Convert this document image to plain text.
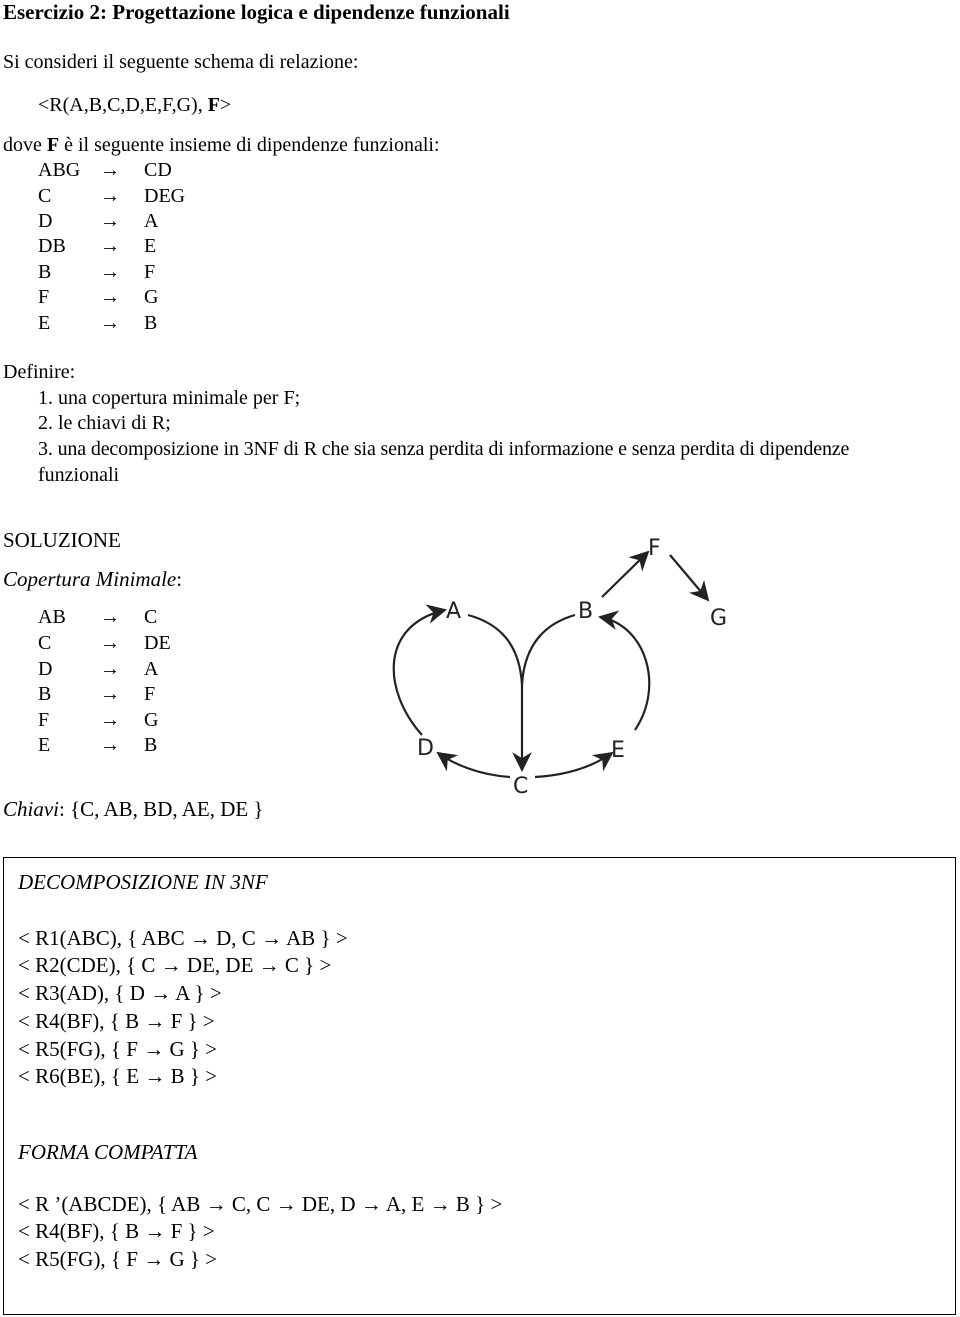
Esercizio 2: Progettazione logica e dipendenze funzionali
Si consideri il seguente schema di relazione:
<R(A,B,C,D,E,F,G), F>
dove F è il seguente insieme di dipendenze funzionali:
ABG → CD
C → DEG
D → A
DB → E
B → F
F	→ G
E → B
Definire:
1. una copertura minimale per F;
2. le chiavi di R;
3. una decomposizione in 3NF di R che sia senza perdita di informazione e senza perdita di dipendenze
funzionali
SOLUZIONE
Copertura Minimale:
AB → C
C → DE
D → A
B → F
F	→ G
E → B
F
A	B	G
D
C
E
Chiavi: {C, AB, BD, AE, DE }
DECOMPOSIZIONE IN 3NF
< R1(ABC), { ABC → D, C → AB } >
< R2(CDE), { C → DE, DE → C } >
< R3(AD), { D → A } >
< R4(BF), { B → F } >
< R5(FG), { F → G } >
< R6(BE), { E → B } >
FORMA COMPATTA
< R ’(ABCDE), { AB → C, C → DE, D → A, E → B } >
< R4(BF), { B → F } >
< R5(FG), { F → G } >
